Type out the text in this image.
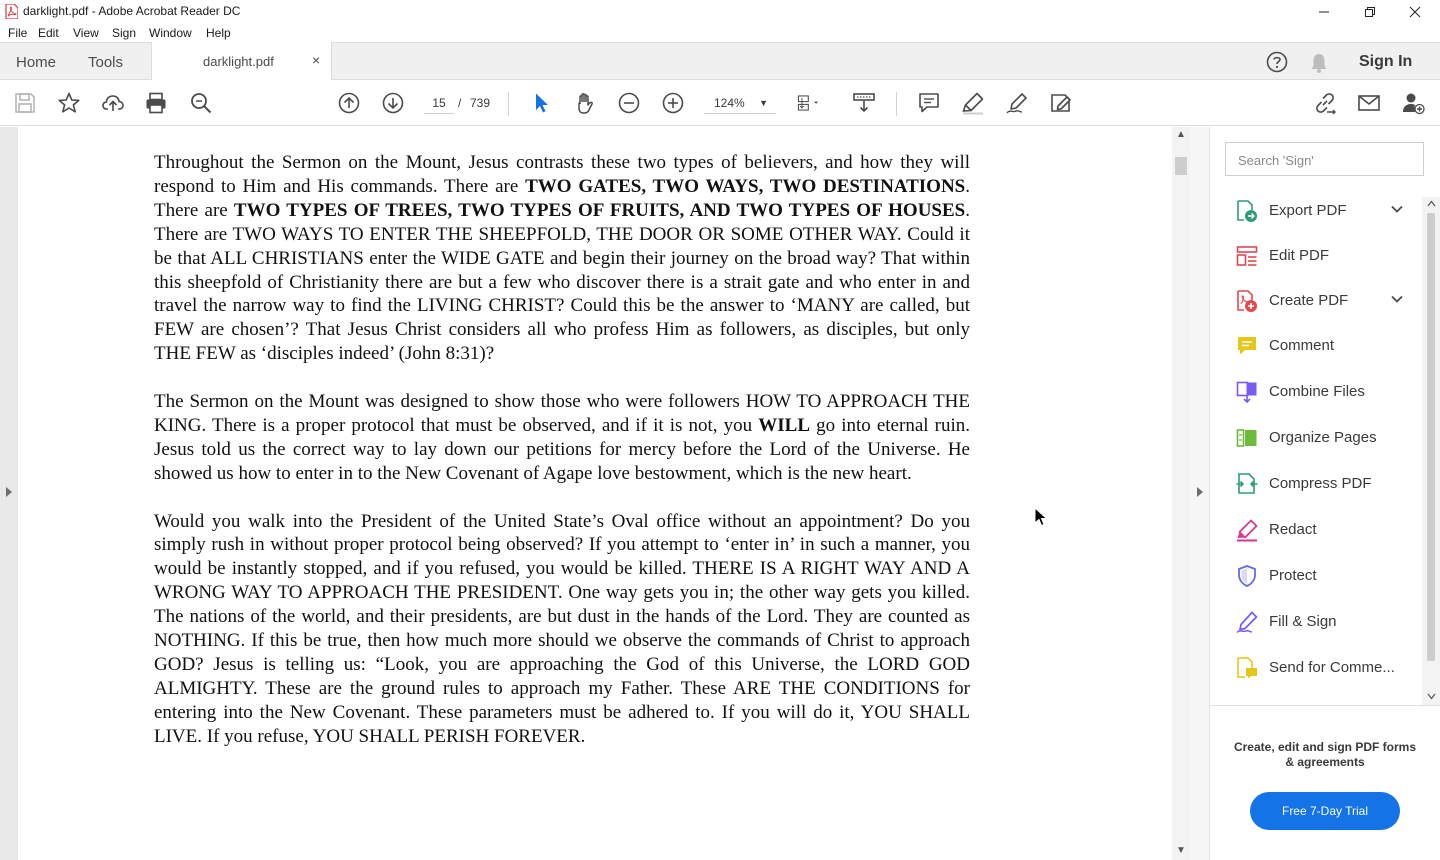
darklight.pdf - Adobe Acrobat Reader DC
File Edit View Sign Window Help
Home Tools	darklight.pdf	×	Sign In
15	/ 739	124% ▼

Throughout the Sermon on the Mount, Jesus contrasts these two types of believers, and how they will respond to Him and His commands. There are TWO GATES, TWO WAYS, TWO DESTINATIONS. There are TWO TYPES OF TREES, TWO TYPES OF FRUITS, AND TWO TYPES OF HOUSES. There are TWO WAYS TO ENTER THE SHEEPFOLD, THE DOOR OR SOME OTHER WAY. Could it be that ALL CHRISTIANS enter the WIDE GATE and begin their journey on the broad way? That within this sheepfold of Christianity there are but a few who discover there is a strait gate and who enter in and travel the narrow way to find the LIVING CHRIST? Could this be the answer to ‘MANY are called, but FEW are chosen’? That Jesus Christ considers all who profess Him as followers, as disciples, but only THE FEW as ‘disciples indeed’ (John 8:31)?

The Sermon on the Mount was designed to show those who were followers HOW TO APPROACH THE KING. There is a proper protocol that must be observed, and if it is not, you WILL go into eternal ruin. Jesus told us the correct way to lay down our petitions for mercy before the Lord of the Universe. He showed us how to enter in to the New Covenant of Agape love bestowment, which is the new heart.

Would you walk into the President of the United State’s Oval office without an appointment? Do you simply rush in without proper protocol being observed? If you attempt to ‘enter in’ in such a manner, you would be instantly stopped, and if you refused, you would be killed. THERE IS A RIGHT WAY AND A WRONG WAY TO APPROACH THE PRESIDENT. One way gets you in; the other way gets you killed. The nations of the world, and their presidents, are but dust in the hands of the Lord. They are counted as NOTHING. If this be true, then how much more should we observe the commands of Christ to approach GOD? Jesus is telling us: “Look, you are approaching the God of this Universe, the LORD GOD ALMIGHTY. These are the ground rules to approach my Father. These ARE THE CONDITIONS for entering into the New Covenant. These parameters must be adhered to. If you will do it, YOU SHALL LIVE. If you refuse, YOU SHALL PERISH FOREVER.

▲
▼
Search 'Sign'
Export PDF
Edit PDF
Create PDF
Comment
Combine Files
Organize Pages
Compress PDF
Redact
Protect
Fill & Sign
Send for Comme...
Create, edit and sign PDF forms & agreements
Free 7-Day Trial
